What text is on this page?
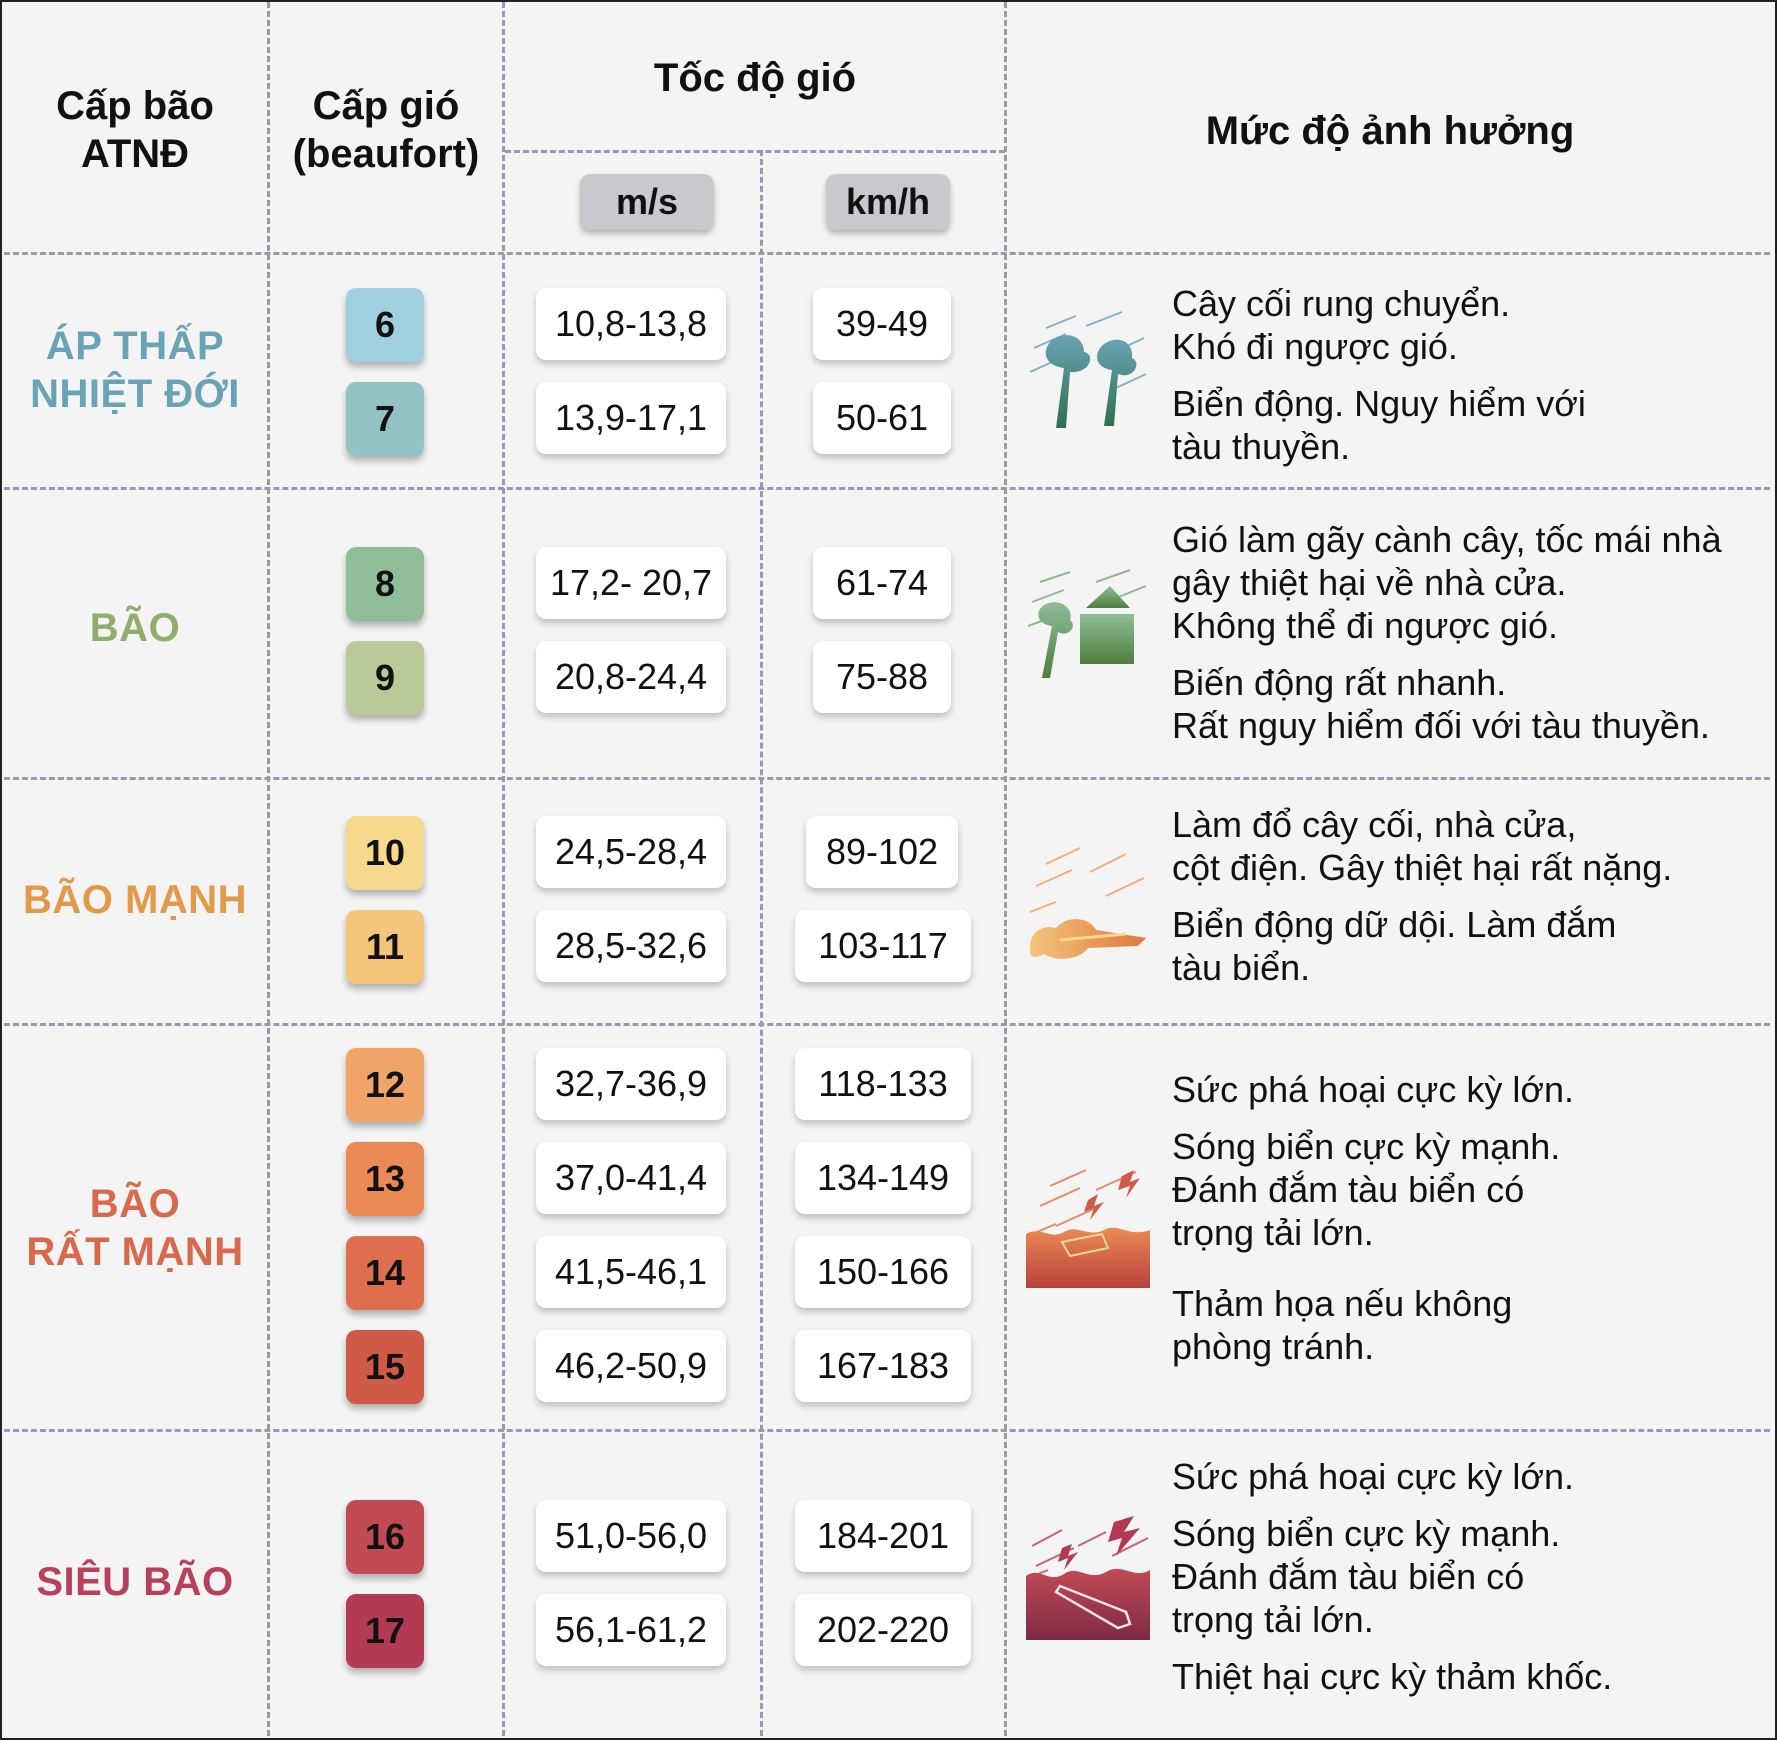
Cấp bão
ATNĐ
Cấp gió
(beaufort)
Tốc độ gió
m/s	km/h
Mức độ ảnh hưởng
ÁP THẤP
NHIỆT ĐỚI
6
7
10,8-13,8
13,9-17,1
39-49
50-61

Cây cối rung chuyển.
Khó đi ngược gió.

Biển động. Nguy hiểm với
tàu thuyền.

BÃO
8
9
17,2- 20,7
20,8-24,4
61-74
75-88

Gió làm gãy cành cây, tốc mái nhà
gây thiệt hại về nhà cửa.
Không thể đi ngược gió.

Biến động rất nhanh.
Rất nguy hiểm đối với tàu thuyền.

BÃO MẠNH
10
11
24,5-28,4
28,5-32,6
89-102
103-117

Làm đổ cây cối, nhà cửa,
cột điện. Gây thiệt hại rất nặng.

Biển động dữ dội. Làm đắm
tàu biển.

BÃO
RẤT MẠNH
12
13
14
15
32,7-36,9
37,0-41,4
41,5-46,1
46,2-50,9
118-133
134-149
150-166
167-183

Sức phá hoại cực kỳ lớn.

Sóng biển cực kỳ mạnh.
Đánh đắm tàu biển có
trọng tải lớn.

Thảm họa nếu không
phòng tránh.

SIÊU BÃO
16
17
51,0-56,0
56,1-61,2
184-201
202-220

Sức phá hoại cực kỳ lớn.

Sóng biển cực kỳ mạnh.
Đánh đắm tàu biển có
trọng tải lớn.

Thiệt hại cực kỳ thảm khốc.
